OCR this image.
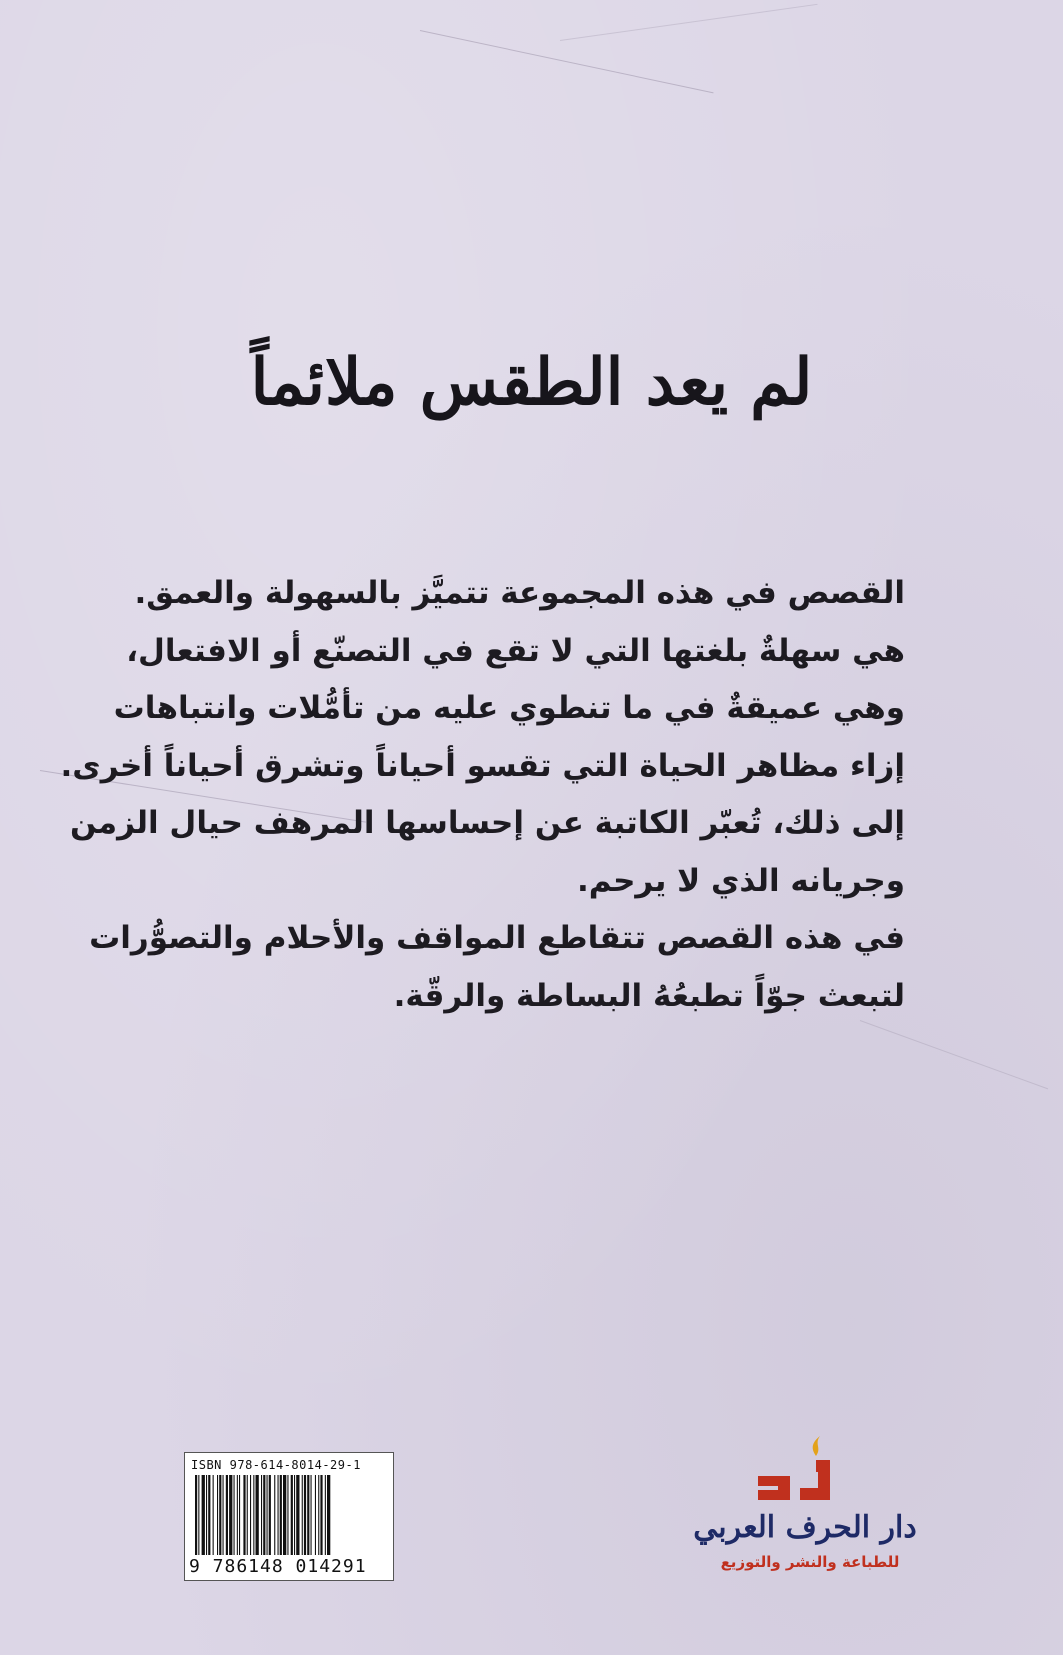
لم يعد الطقس ملائماً
القصص في هذه المجموعة تتميَّز بالسهولة والعمق.
هي سهلةٌ بلغتها التي لا تقع في التصنّع أو الافتعال،
وهي عميقةٌ في ما تنطوي عليه من تأمُّلات وانتباهات
إزاء مظاهر الحياة التي تقسو أحياناً وتشرق أحياناً أخرى.
إلى ذلك، تُعبّر الكاتبة عن إحساسها المرهف حيال الزمن
وجريانه الذي لا يرحم.
في هذه القصص تتقاطع المواقف والأحلام والتصوُّرات
لتبعث جوّاً تطبعُهُ البساطة والرقّة.
ISBN 978-614-8014-29-1
9 786148 014291
دار الحرف العربي
للطباعة والنشر والتوزيع
